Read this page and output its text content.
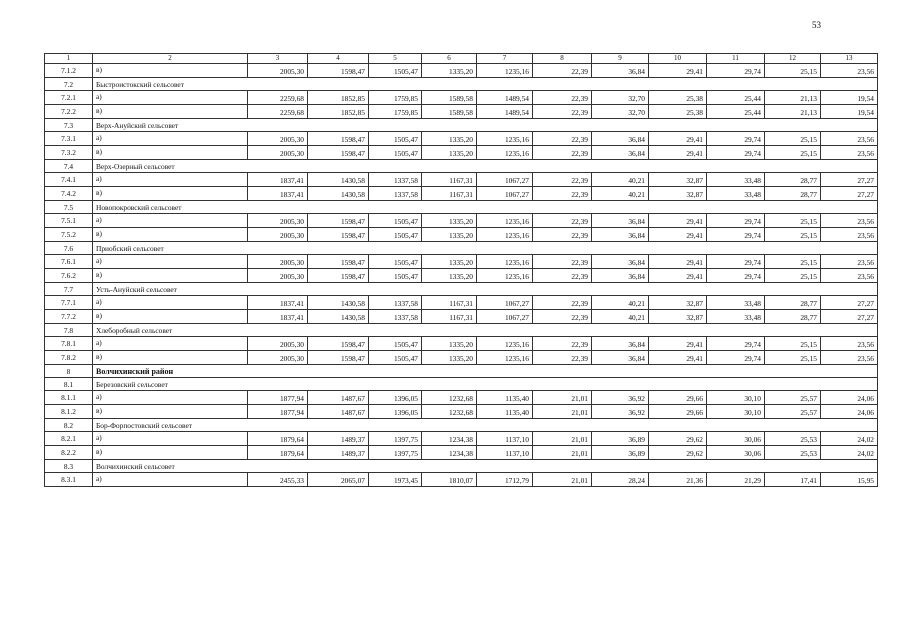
53
1	2	3	4	5	6	7	8	9	10	11	12	13
7.1.2	в)	2005,30	1598,47	1505,47	1335,20	1235,16	22,39	36,84	29,41	29,74	25,15	23,56
7.2	Быстроистокский сельсовет											
7.2.1	а)	2259,68	1852,85	1759,85	1589,58	1489,54	22,39	32,70	25,38	25,44	21,13	19,54
7.2.2	в)	2259,68	1852,85	1759,85	1589,58	1489,54	22,39	32,70	25,38	25,44	21,13	19,54
7.3	Верх-Ануйский сельсовет											
7.3.1	а)	2005,30	1598,47	1505,47	1335,20	1235,16	22,39	36,84	29,41	29,74	25,15	23,56
7.3.2	в)	2005,30	1598,47	1505,47	1335,20	1235,16	22,39	36,84	29,41	29,74	25,15	23,56
7.4	Верх-Озерный сельсовет											
7.4.1	а)	1837,41	1430,58	1337,58	1167,31	1067,27	22,39	40,21	32,87	33,48	28,77	27,27
7.4.2	в)	1837,41	1430,58	1337,58	1167,31	1067,27	22,39	40,21	32,87	33,48	28,77	27,27
7.5	Новопокровский сельсовет											
7.5.1	а)	2005,30	1598,47	1505,47	1335,20	1235,16	22,39	36,84	29,41	29,74	25,15	23,56
7.5.2	в)	2005,30	1598,47	1505,47	1335,20	1235,16	22,39	36,84	29,41	29,74	25,15	23,56
7.6	Приобский сельсовет											
7.6.1	а)	2005,30	1598,47	1505,47	1335,20	1235,16	22,39	36,84	29,41	29,74	25,15	23,56
7.6.2	в)	2005,30	1598,47	1505,47	1335,20	1235,16	22,39	36,84	29,41	29,74	25,15	23,56
7.7	Усть-Ануйский сельсовет											
7.7.1	а)	1837,41	1430,58	1337,58	1167,31	1067,27	22,39	40,21	32,87	33,48	28,77	27,27
7.7.2	в)	1837,41	1430,58	1337,58	1167,31	1067,27	22,39	40,21	32,87	33,48	28,77	27,27
7.8	Хлеборобный сельсовет											
7.8.1	а)	2005,30	1598,47	1505,47	1335,20	1235,16	22,39	36,84	29,41	29,74	25,15	23,56
7.8.2	в)	2005,30	1598,47	1505,47	1335,20	1235,16	22,39	36,84	29,41	29,74	25,15	23,56
8	Волчихинский район											
8.1	Березовский сельсовет											
8.1.1	а)	1877,94	1487,67	1396,05	1232,68	1135,40	21,01	36,92	29,66	30,10	25,57	24,06
8.1.2	в)	1877,94	1487,67	1396,05	1232,68	1135,40	21,01	36,92	29,66	30,10	25,57	24,06
8.2	Бор-Форпостовский сельсовет											
8.2.1	а)	1879,64	1489,37	1397,75	1234,38	1137,10	21,01	36,89	29,62	30,06	25,53	24,02
8.2.2	в)	1879,64	1489,37	1397,75	1234,38	1137,10	21,01	36,89	29,62	30,06	25,53	24,02
8.3	Волчихинский сельсовет											
8.3.1	а)	2455,33	2065,07	1973,45	1810,07	1712,79	21,01	28,24	21,36	21,29	17,41	15,95
